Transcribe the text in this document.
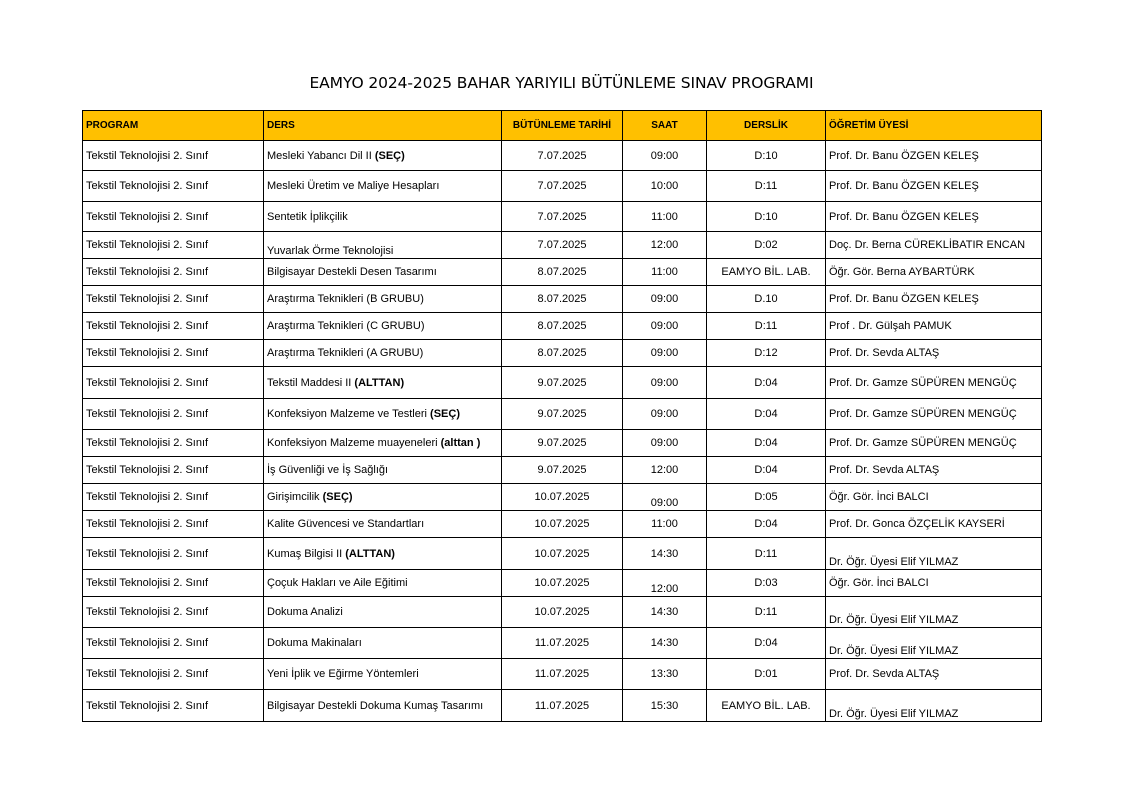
EAMYO 2024-2025 BAHAR YARIYILI BÜTÜNLEME SINAV PROGRAMI
PROGRAM	DERS	BÜTÜNLEME TARİHİ	SAAT	DERSLİK	ÖĞRETİM ÜYESİ
Tekstil Teknolojisi 2. Sınıf	Mesleki Yabancı Dil II (SEÇ)	7.07.2025	09:00	D:10	Prof. Dr. Banu ÖZGEN KELEŞ
Tekstil Teknolojisi 2. Sınıf	Mesleki Üretim ve Maliye Hesapları	7.07.2025	10:00	D:11	Prof. Dr. Banu ÖZGEN KELEŞ
Tekstil Teknolojisi 2. Sınıf	Sentetik İplikçilik	7.07.2025	11:00	D:10	Prof. Dr. Banu ÖZGEN KELEŞ
Tekstil Teknolojisi 2. Sınıf	Yuvarlak Örme Teknolojisi	7.07.2025	12:00	D:02	Doç. Dr. Berna CÜREKLİBATIR ENCAN
Tekstil Teknolojisi 2. Sınıf	Bilgisayar Destekli Desen Tasarımı	8.07.2025	11:00	EAMYO BİL. LAB.	Öğr. Gör. Berna AYBARTÜRK
Tekstil Teknolojisi 2. Sınıf	Araştırma Teknikleri (B GRUBU)	8.07.2025	09:00	D.10	Prof. Dr. Banu ÖZGEN KELEŞ
Tekstil Teknolojisi 2. Sınıf	Araştırma Teknikleri (C GRUBU)	8.07.2025	09:00	D:11	Prof . Dr. Gülşah PAMUK
Tekstil Teknolojisi 2. Sınıf	Araştırma Teknikleri (A GRUBU)	8.07.2025	09:00	D:12	Prof. Dr. Sevda ALTAŞ
Tekstil Teknolojisi 2. Sınıf	Tekstil Maddesi II (ALTTAN)	9.07.2025	09:00	D:04	Prof. Dr. Gamze SÜPÜREN MENGÜÇ
Tekstil Teknolojisi 2. Sınıf	Konfeksiyon Malzeme ve Testleri (SEÇ)	9.07.2025	09:00	D:04	Prof. Dr. Gamze SÜPÜREN MENGÜÇ
Tekstil Teknolojisi 2. Sınıf	Konfeksiyon Malzeme muayeneleri (alttan )	9.07.2025	09:00	D:04	Prof. Dr. Gamze SÜPÜREN MENGÜÇ
Tekstil Teknolojisi 2. Sınıf	İş Güvenliği ve İş Sağlığı	9.07.2025	12:00	D:04	Prof. Dr. Sevda ALTAŞ
Tekstil Teknolojisi 2. Sınıf	Girişimcilik (SEÇ)	10.07.2025	09:00	D:05	Öğr. Gör. İnci BALCI
Tekstil Teknolojisi 2. Sınıf	Kalite Güvencesi ve Standartları	10.07.2025	11:00	D:04	Prof. Dr. Gonca ÖZÇELİK KAYSERİ
Tekstil Teknolojisi 2. Sınıf	Kumaş Bilgisi II (ALTTAN)	10.07.2025	14:30	D:11	Dr. Öğr. Üyesi Elif YILMAZ
Tekstil Teknolojisi 2. Sınıf	Çoçuk Hakları ve Aile Eğitimi	10.07.2025	12:00	D:03	Öğr. Gör. İnci BALCI
Tekstil Teknolojisi 2. Sınıf	Dokuma Analizi	10.07.2025	14:30	D:11	Dr. Öğr. Üyesi Elif YILMAZ
Tekstil Teknolojisi 2. Sınıf	Dokuma Makinaları	11.07.2025	14:30	D:04	Dr. Öğr. Üyesi Elif YILMAZ
Tekstil Teknolojisi 2. Sınıf	Yeni İplik ve Eğirme Yöntemleri	11.07.2025	13:30	D:01	Prof. Dr. Sevda ALTAŞ
Tekstil Teknolojisi 2. Sınıf	Bilgisayar Destekli Dokuma Kumaş Tasarımı	11.07.2025	15:30	EAMYO BİL. LAB.	Dr. Öğr. Üyesi Elif YILMAZ
